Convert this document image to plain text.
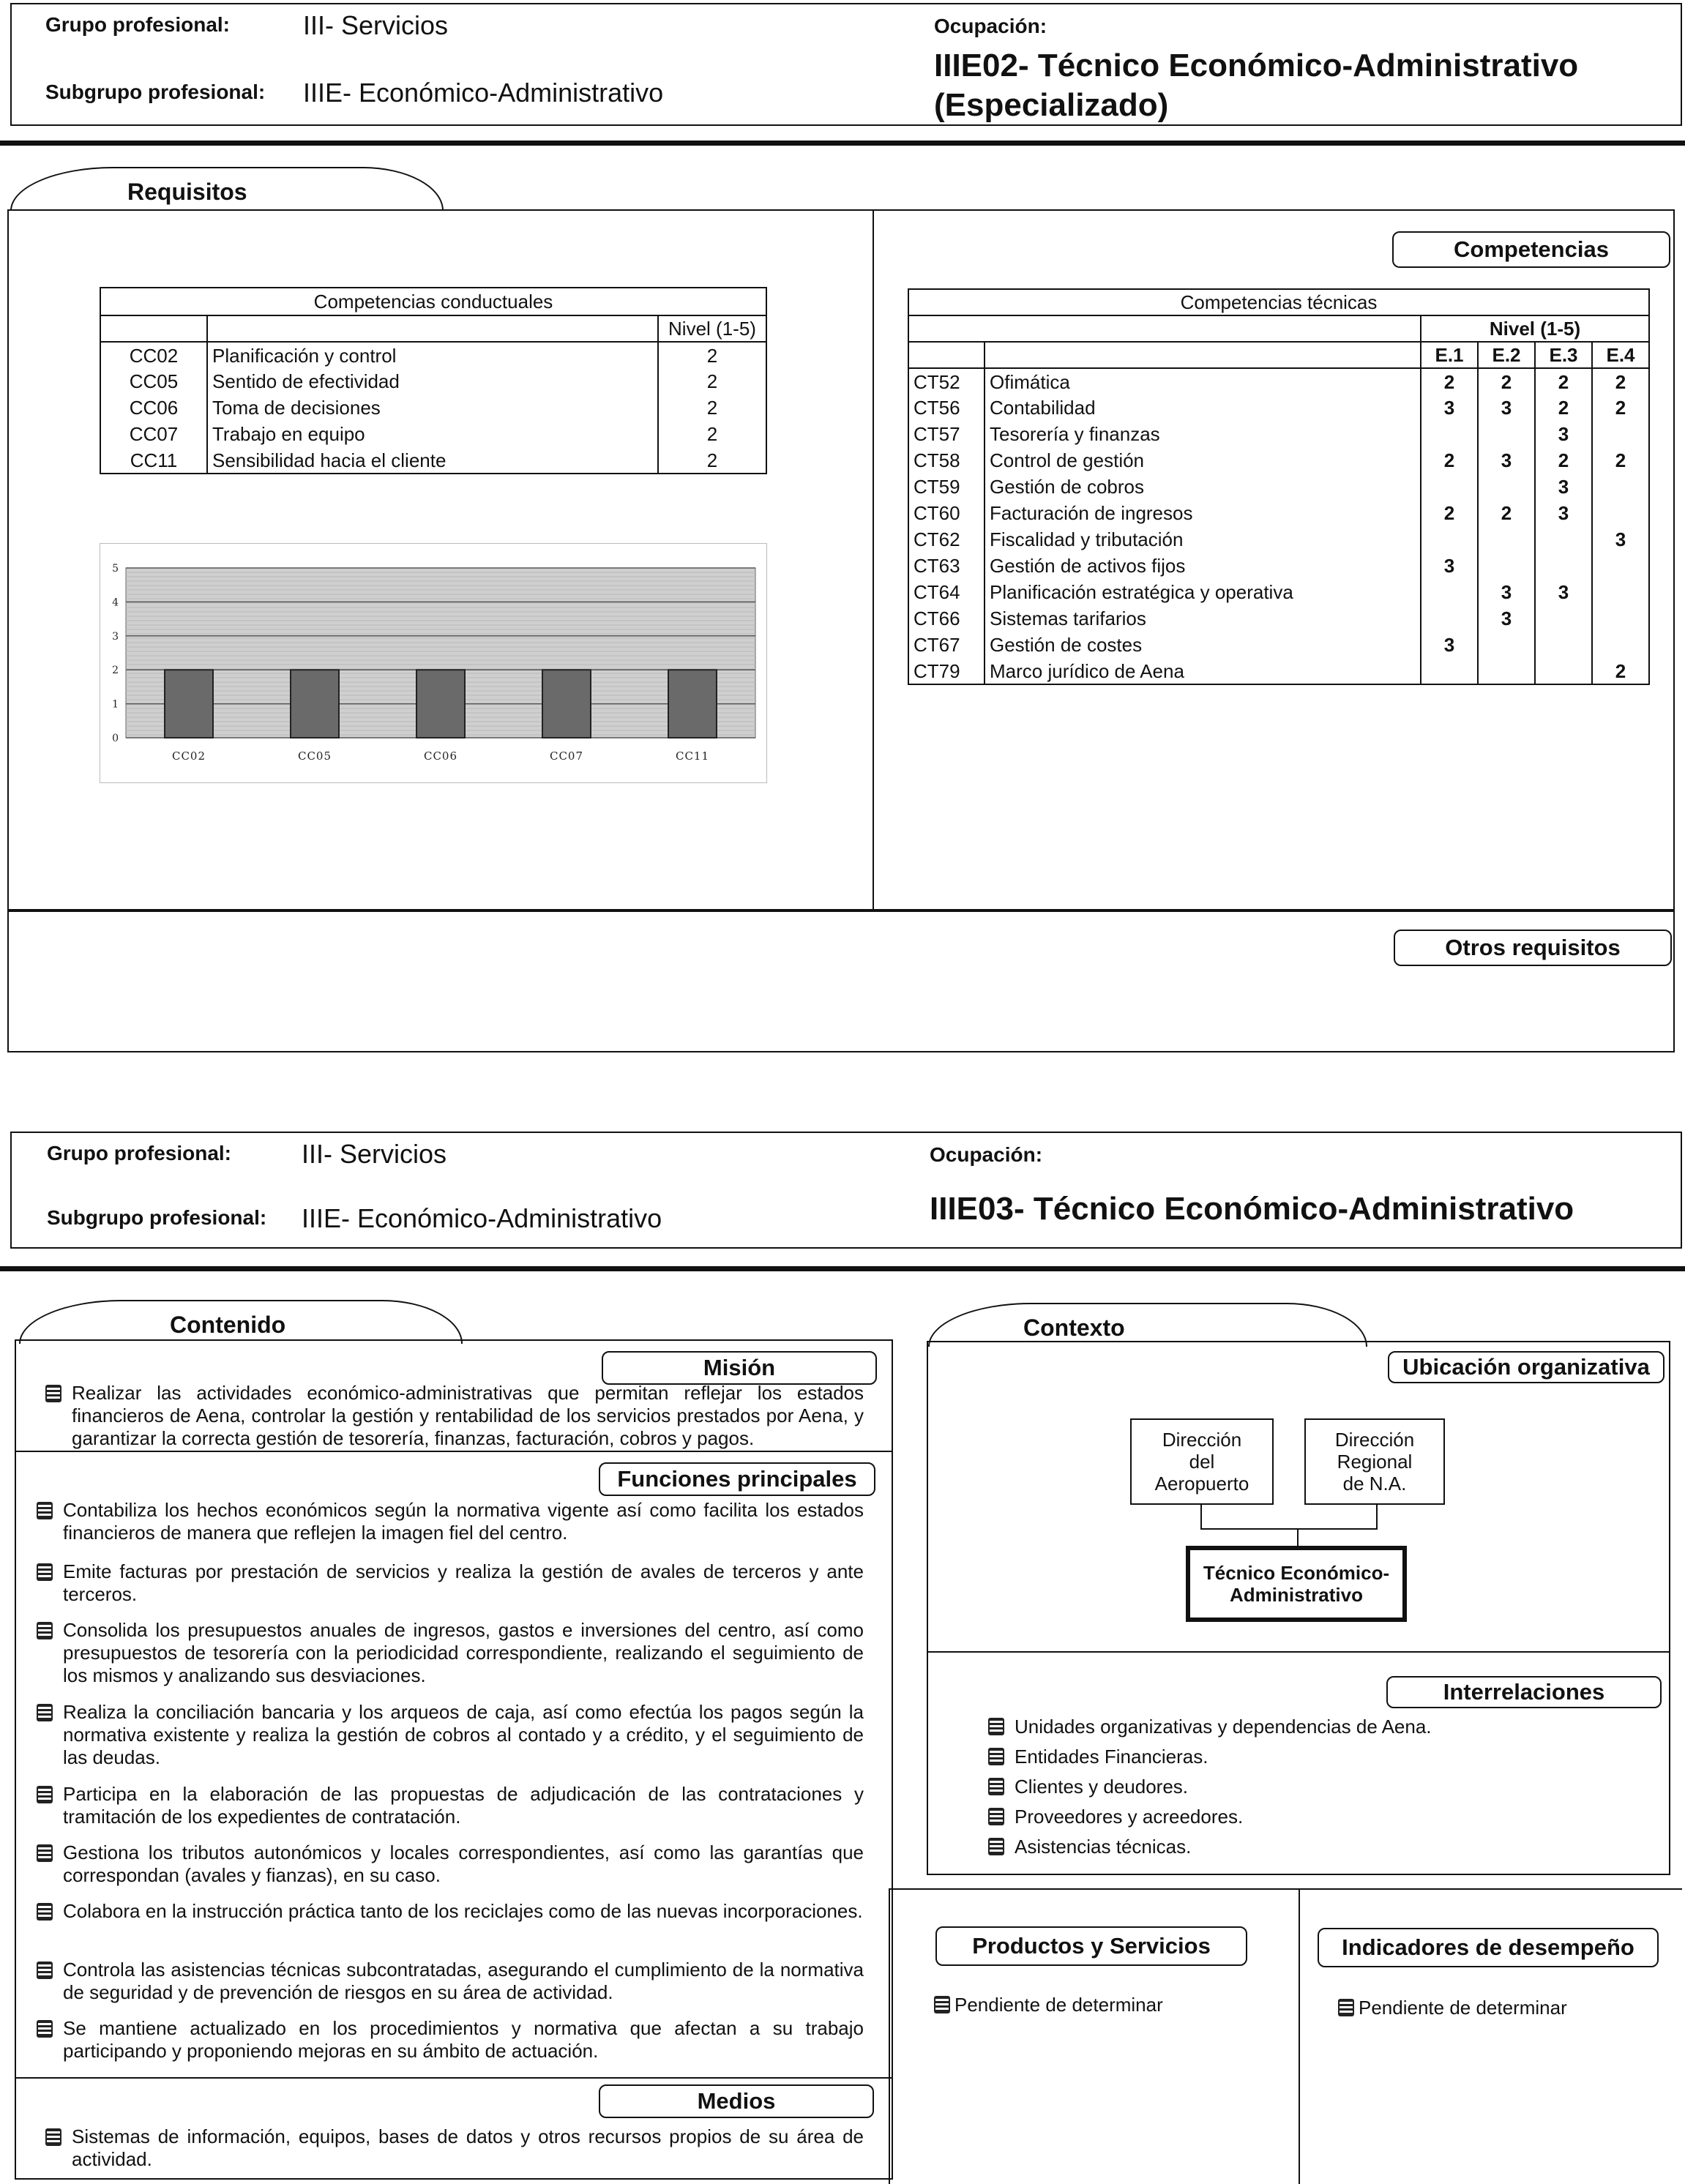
Grupo profesional:	III- Servicios
Subgrupo profesional: IIIE- Económico-Administrativo
Ocupación:
IIIE02- Técnico Económico-Administrativo
(Especializado)
Requisitos
Competencias conductuales		
		Nivel (1-5)
CC02	Planificación y control	2
CC05	Sentido de efectividad	2
CC06	Toma de decisiones	2
CC07	Trabajo en equipo	2
CC11	Sensibilidad hacia el cliente	2
0
1
2
3
4
5
CC02	CC05	CC06	CC07	CC11
Competencias
Competencias técnicas					
		Nivel (1-5)			
		E.1	E.2	E.3	E.4
CT52	Ofimática	2	2	2	2
CT56	Contabilidad	3	3	2	2
CT57	Tesorería y finanzas			3	
CT58	Control de gestión	2	3	2	2
CT59	Gestión de cobros			3	
CT60	Facturación de ingresos	2	2	3	
CT62	Fiscalidad y tributación				3
CT63	Gestión de activos fijos	3			
CT64	Planificación estratégica y operativa		3	3	
CT66	Sistemas tarifarios		3		
CT67	Gestión de costes	3			
CT79	Marco jurídico de Aena				2
Otros requisitos
Grupo profesional:	III- Servicios
Subgrupo profesional: IIIE- Económico-Administrativo
Ocupación:
IIIE03- Técnico Económico-Administrativo
Contenido
Misión
Realizar las actividades económico-administrativas que permitan reflejar los estados financieros de Aena, controlar la gestión y rentabilidad de los servicios prestados por Aena, y garantizar la correcta gestión de tesorería, finanzas, facturación, cobros y pagos.
Funciones principales
Contabiliza los hechos económicos según la normativa vigente así como facilita los estados financieros de manera que reflejen la imagen fiel del centro.
Emite facturas por prestación de servicios y realiza la gestión de avales de terceros y ante terceros.
Consolida los presupuestos anuales de ingresos, gastos e inversiones del centro, así como presupuestos de tesorería con la periodicidad correspondiente, realizando el seguimiento de los mismos y analizando sus desviaciones.
Realiza la conciliación bancaria y los arqueos de caja, así como efectúa los pagos según la normativa existente y realiza la gestión de cobros al contado y a crédito, y el seguimiento de las deudas.
Participa en la elaboración de las propuestas de adjudicación de las contrataciones y tramitación de los expedientes de contratación.
Gestiona los tributos autonómicos y locales correspondientes, así como las garantías que correspondan (avales y fianzas), en su caso.
Colabora en la instrucción práctica tanto de los reciclajes como de las nuevas incorporaciones.
Controla las asistencias técnicas subcontratadas, asegurando el cumplimiento de la normativa de seguridad y de prevención de riesgos en su área de actividad.
Se mantiene actualizado en los procedimientos y normativa que afectan a su trabajo participando y proponiendo mejoras en su ámbito de actuación.
Medios
Sistemas de información, equipos, bases de datos y otros recursos propios de su área de actividad.
Contexto
Ubicación organizativa
Dirección
del
Aeropuerto
Dirección
Regional
de N.A.
Técnico Económico-
Administrativo
Interrelaciones
Unidades organizativas y dependencias de Aena.
Entidades Financieras.
Clientes y deudores.
Proveedores y acreedores.
Asistencias técnicas.
Productos y Servicios
Pendiente de determinar
Indicadores de desempeño
Pendiente de determinar
